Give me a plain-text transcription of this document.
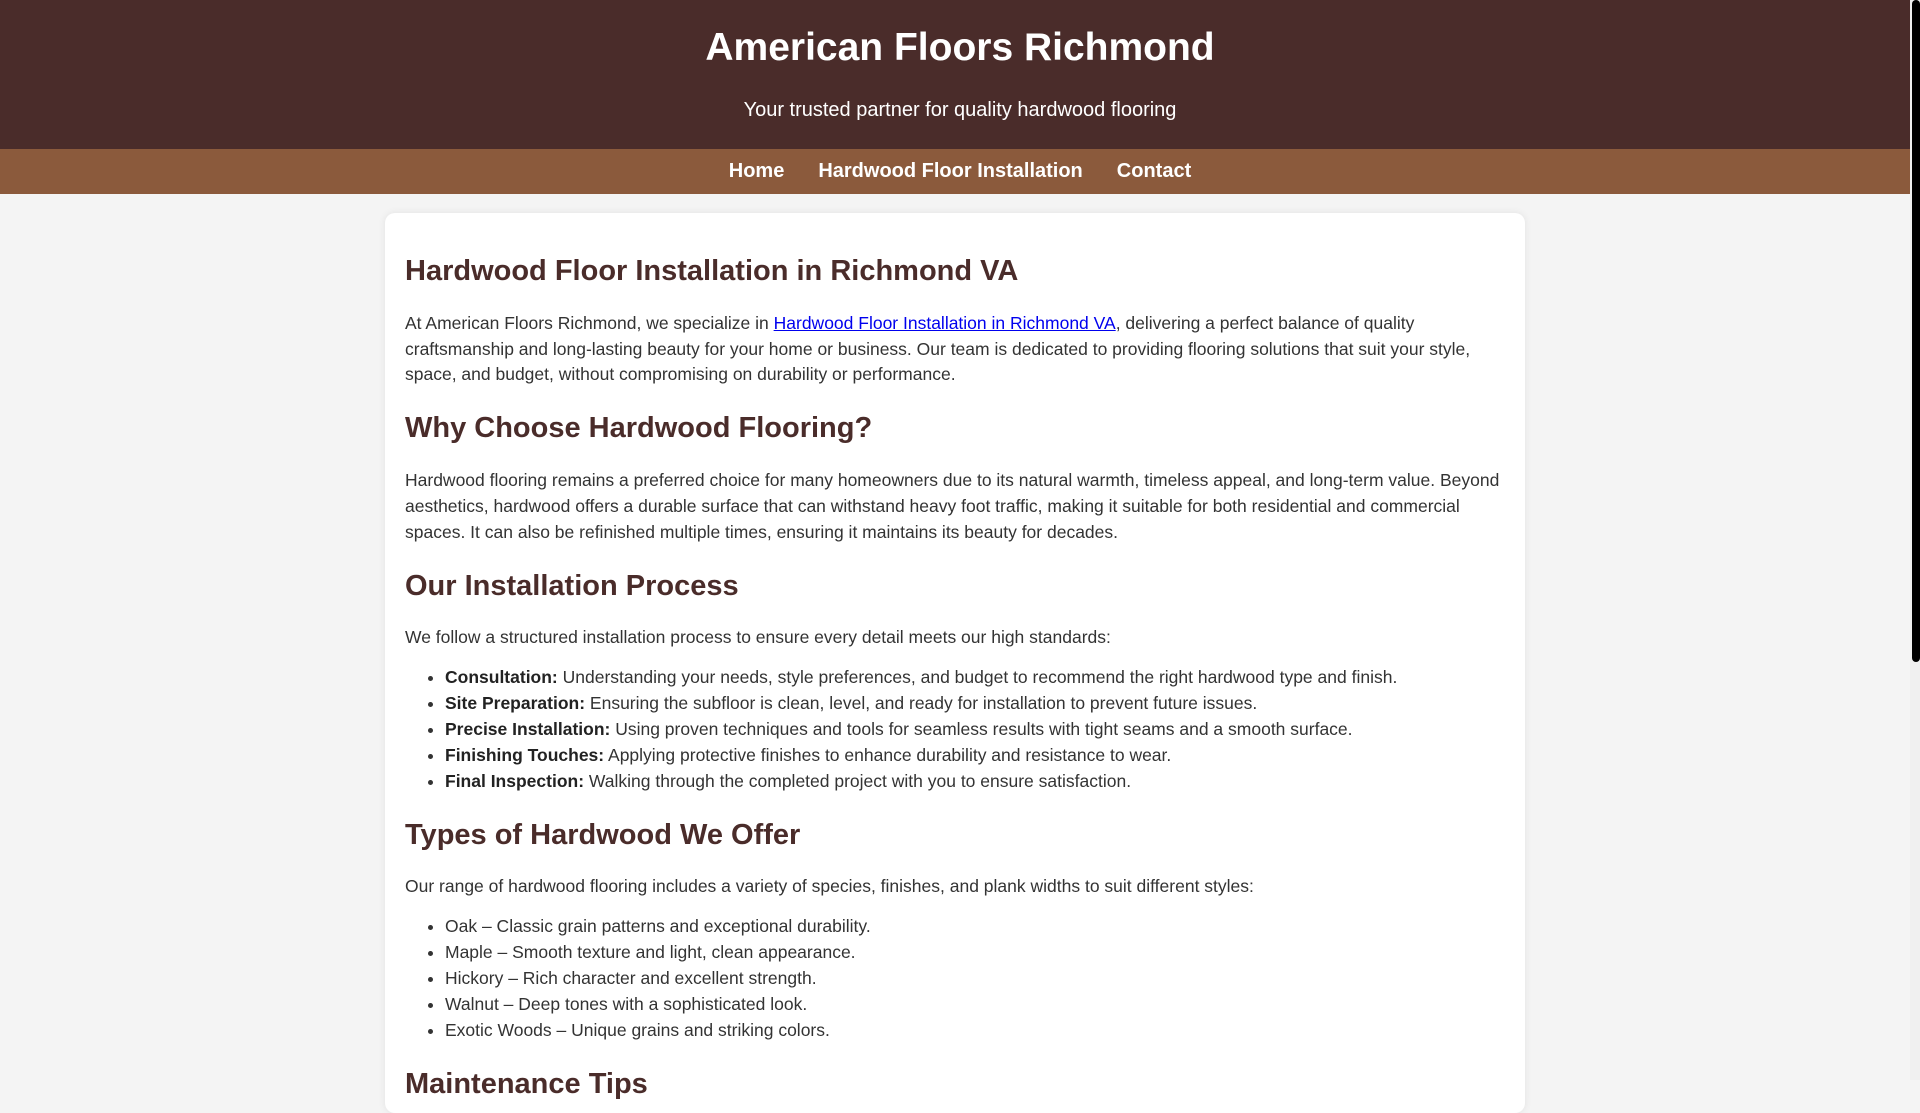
American Floors Richmond
Your trusted partner for quality hardwood flooring
Home	Hardwood Floor Installation	Contact
Hardwood Floor Installation in Richmond VA

At American Floors Richmond, we specialize in Hardwood Floor Installation in Richmond VA, delivering a perfect balance of quality craftsmanship and long-lasting beauty for your home or business. Our team is dedicated to providing flooring solutions that suit your style, space, and budget, without compromising on durability or performance.

Why Choose Hardwood Flooring?

Hardwood flooring remains a preferred choice for many homeowners due to its natural warmth, timeless appeal, and long-term value. Beyond aesthetics, hardwood offers a durable surface that can withstand heavy foot traffic, making it suitable for both residential and commercial spaces. It can also be refinished multiple times, ensuring it maintains its beauty for decades.

Our Installation Process

We follow a structured installation process to ensure every detail meets our high standards:

• Consultation: Understanding your needs, style preferences, and budget to recommend the right hardwood type and finish.
• Site Preparation: Ensuring the subfloor is clean, level, and ready for installation to prevent future issues.
• Precise Installation: Using proven techniques and tools for seamless results with tight seams and a smooth surface.
• Finishing Touches: Applying protective finishes to enhance durability and resistance to wear.
• Final Inspection: Walking through the completed project with you to ensure satisfaction.
Types of Hardwood We Offer

Our range of hardwood flooring includes a variety of species, finishes, and plank widths to suit different styles:

• Oak – Classic grain patterns and exceptional durability.
• Maple – Smooth texture and light, clean appearance.
• Hickory – Rich character and excellent strength.
• Walnut – Deep tones with a sophisticated look.
• Exotic Woods – Unique grains and striking colors.
Maintenance Tips
